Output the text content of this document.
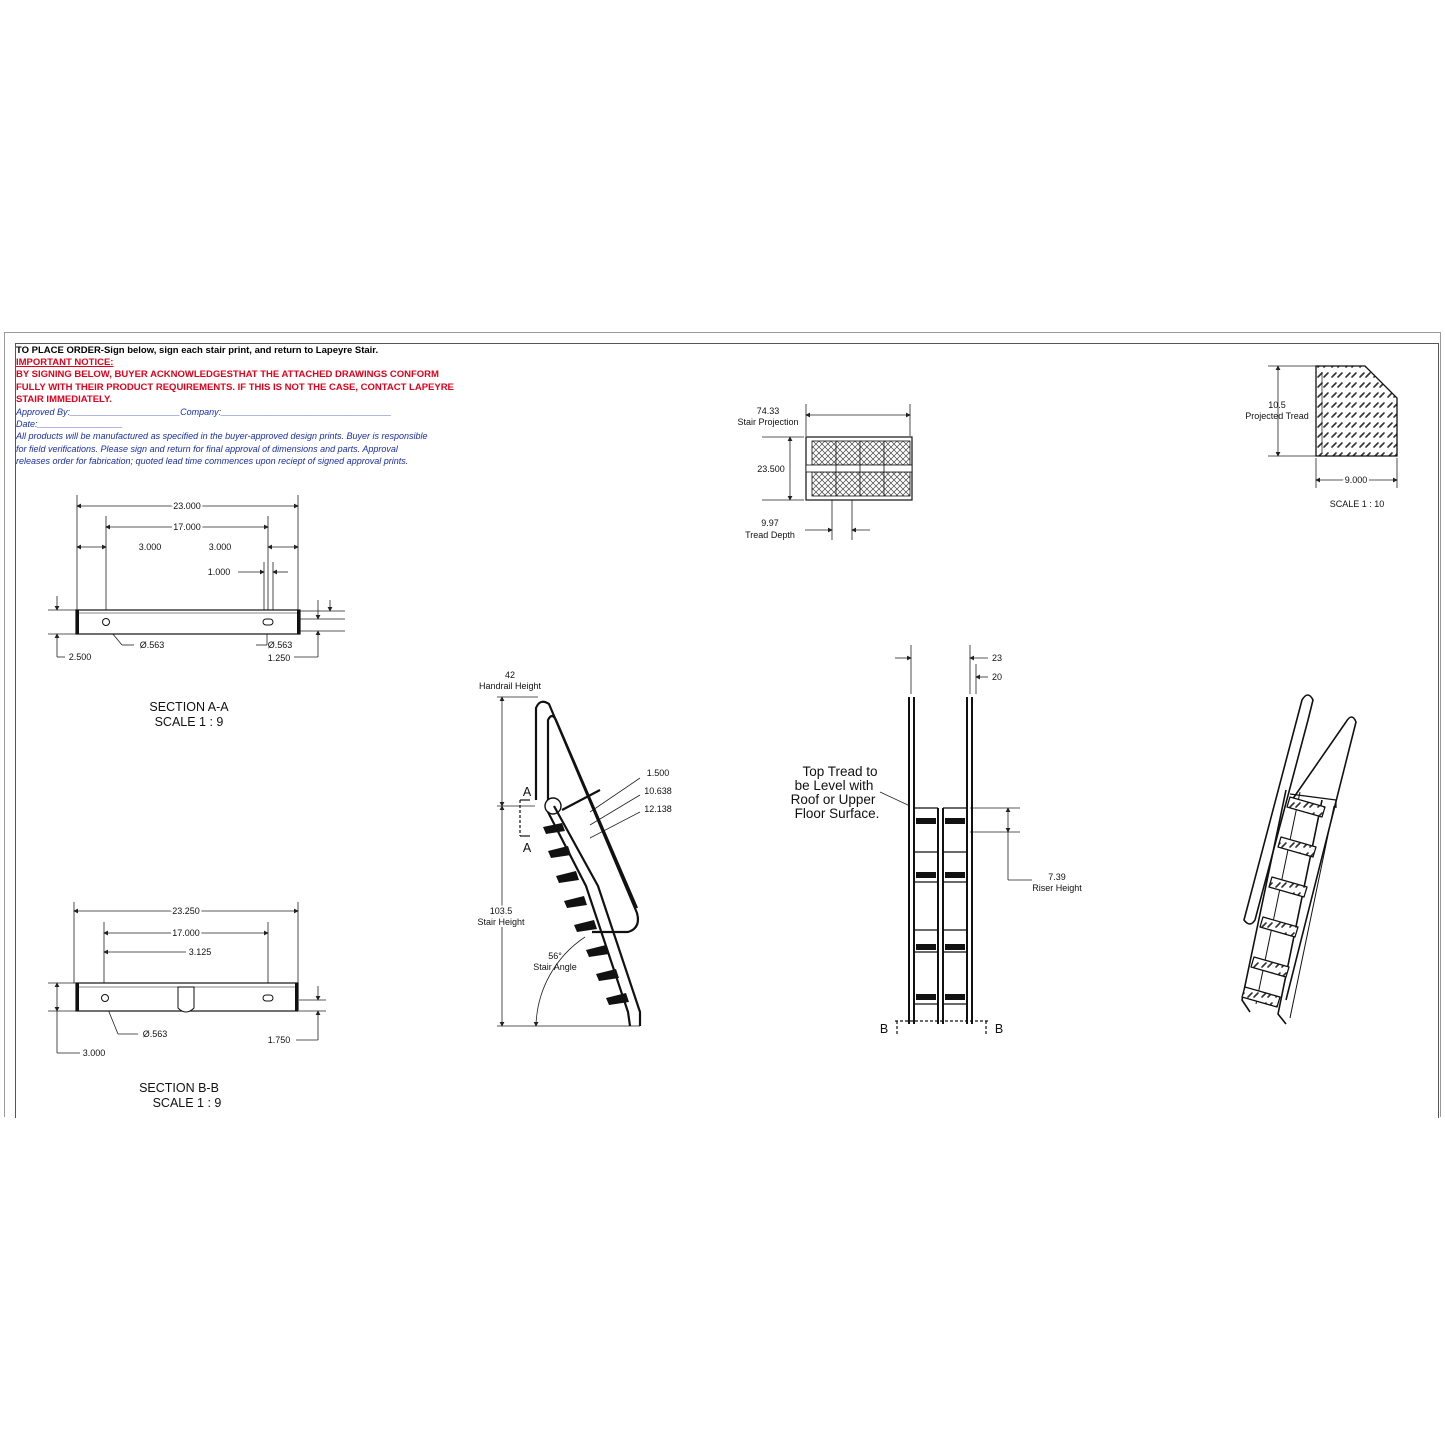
TO PLACE ORDER-Sign below, sign each stair print, and return to Lapeyre Stair.
IMPORTANT NOTICE:
BY SIGNING BELOW, BUYER ACKNOWLEDGESTHAT THE ATTACHED DRAWINGS CONFORM
FULLY WITH THEIR PRODUCT REQUIREMENTS. IF THIS IS NOT THE CASE, CONTACT LAPEYRE
STAIR IMMEDIATELY.
Approved By:______________________Company:__________________________________ Date:_________________
All products will be manufactured as specified in the buyer-approved design prints. Buyer is responsible
for field verifications. Please sign and return for final approval of dimensions and parts. Approval
releases order for fabrication; quoted lead time commences upon reciept of signed approval prints.
23.000
17.000
3.000	3.000
1.000
Ø.563	Ø.563
2.500	1.250
SECTION A-A
SCALE 1 : 9
23.250
17.000
3.125
Ø.563
3.000
1.750
SECTION B-B
SCALE 1 : 9
74.33
Stair Projection
23.500
9.97
Tread Depth
10.5
Projected Tread
9.000
SCALE 1 : 10
A
A
42
Handrail Height
1.500
10.638
12.138
103.5
Stair Height
56°
Stair Angle
B	B
Top Tread to
be Level with
Roof or Upper
Floor Surface.
23
20
7.39
Riser Height
